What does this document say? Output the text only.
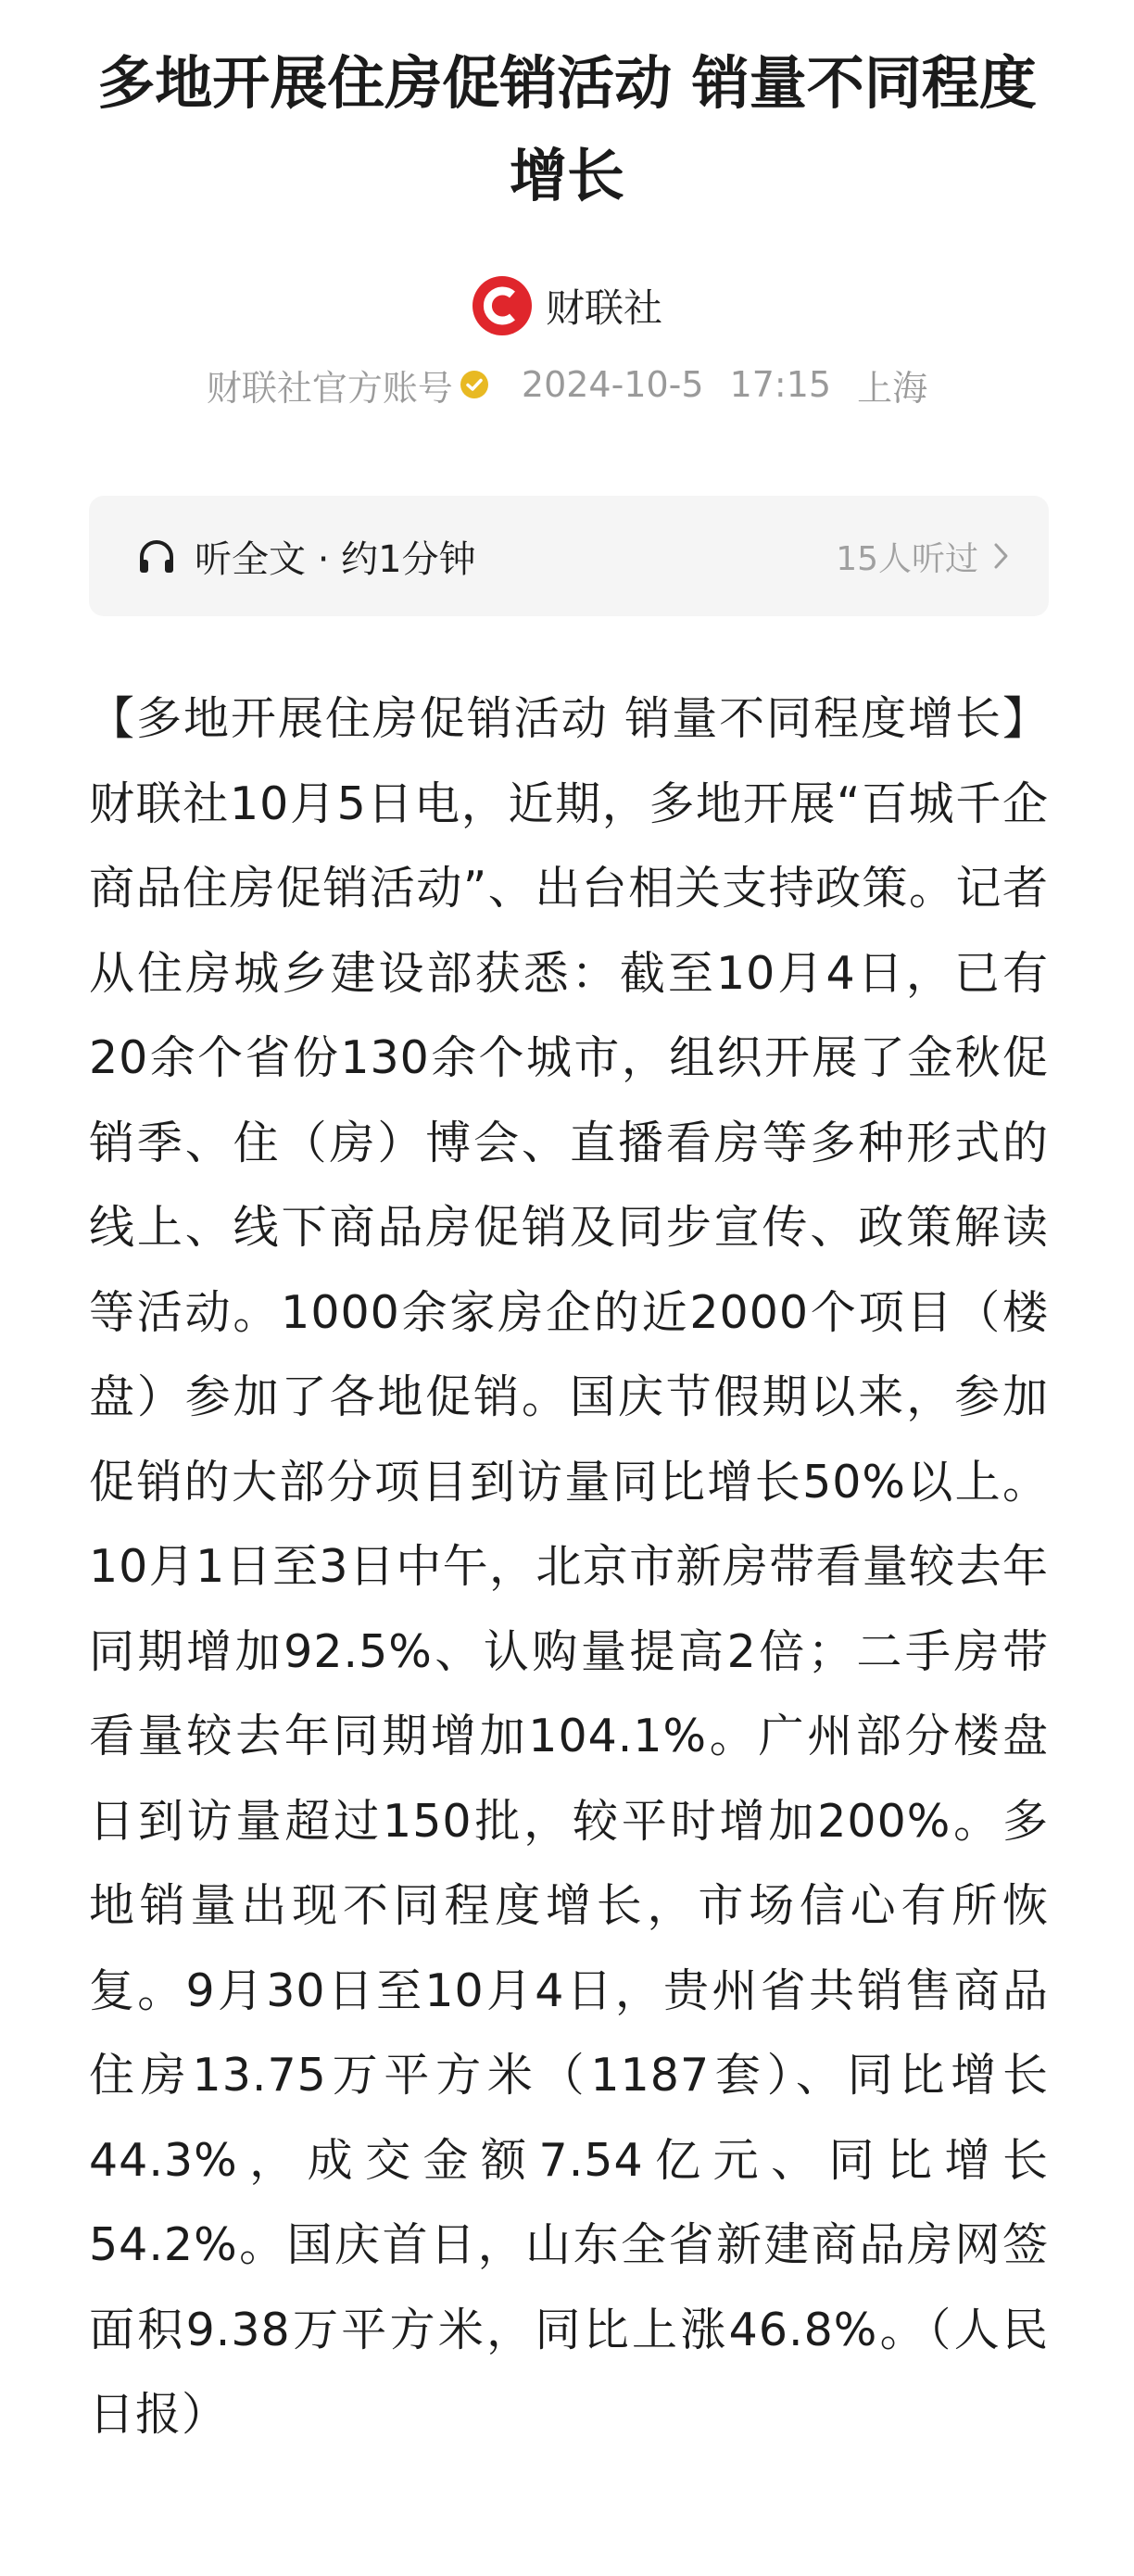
多地开展住房促销活动 销量不同程度增长
财联社
财联社官方账号 2024-10-5 17:15 上海
听全文 · 约1分钟	15人听过

【多地开展住房促销活动 销量不同程度增长】财联社10月5日电，近期，多地开展“百城千企商品住房促销活动”、出台相关支持政策。记者从住房城乡建设部获悉：截至10月4日，已有20余个省份130余个城市，组织开展了金秋促销季、住（房）博会、直播看房等多种形式的线上、线下商品房促销及同步宣传、政策解读等活动。1000余家房企的近2000个项目（楼盘）参加了各地促销。国庆节假期以来，参加促销的大部分项目到访量同比增长50%以上。10月1日至3日中午，北京市新房带看量较去年同期增加92.5%、认购量提高2倍；二手房带看量较去年同期增加104.1%。广州部分楼盘日到访量超过150批，较平时增加200%。多地销量出现不同程度增长，市场信心有所恢复。9月30日至10月4日，贵州省共销售商品住房13.75万平方米（1187套）、同比增长44.3%，成交金额7.54亿元、同比增长54.2%。国庆首日，山东全省新建商品房网签面积9.38万平方米，同比上涨46.8%。（人民日报）
